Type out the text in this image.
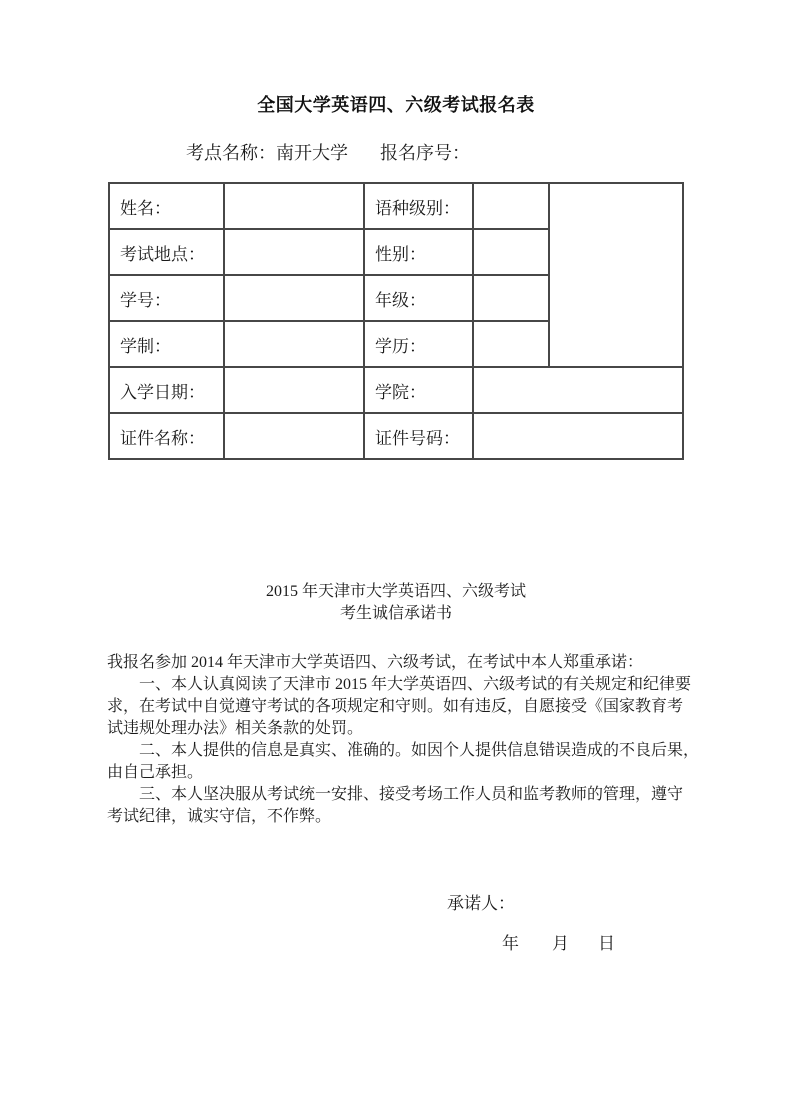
全国大学英语四、六级考试报名表
考点名称：南开大学 报名序号：
姓名：		语种级别：		
考试地点：		性别：		
学号：		年级：		
学制：		学历：		
入学日期：		学院：		
证件名称：		证件号码：		
2015 年天津市大学英语四、六级考试
考生诚信承诺书
我报名参加 2014 年天津市大学英语四、六级考试，在考试中本人郑重承诺：
　　一、本人认真阅读了天津市 2015 年大学英语四、六级考试的有关规定和纪律要
求，在考试中自觉遵守考试的各项规定和守则。如有违反，自愿接受《国家教育考
试违规处理办法》相关条款的处罚。
　　二、本人提供的信息是真实、准确的。如因个人提供信息错误造成的不良后果，
由自己承担。
　　三、本人坚决服从考试统一安排、接受考场工作人员和监考教师的管理，遵守
考试纪律，诚实守信，不作弊。
承诺人：
年 月 日
